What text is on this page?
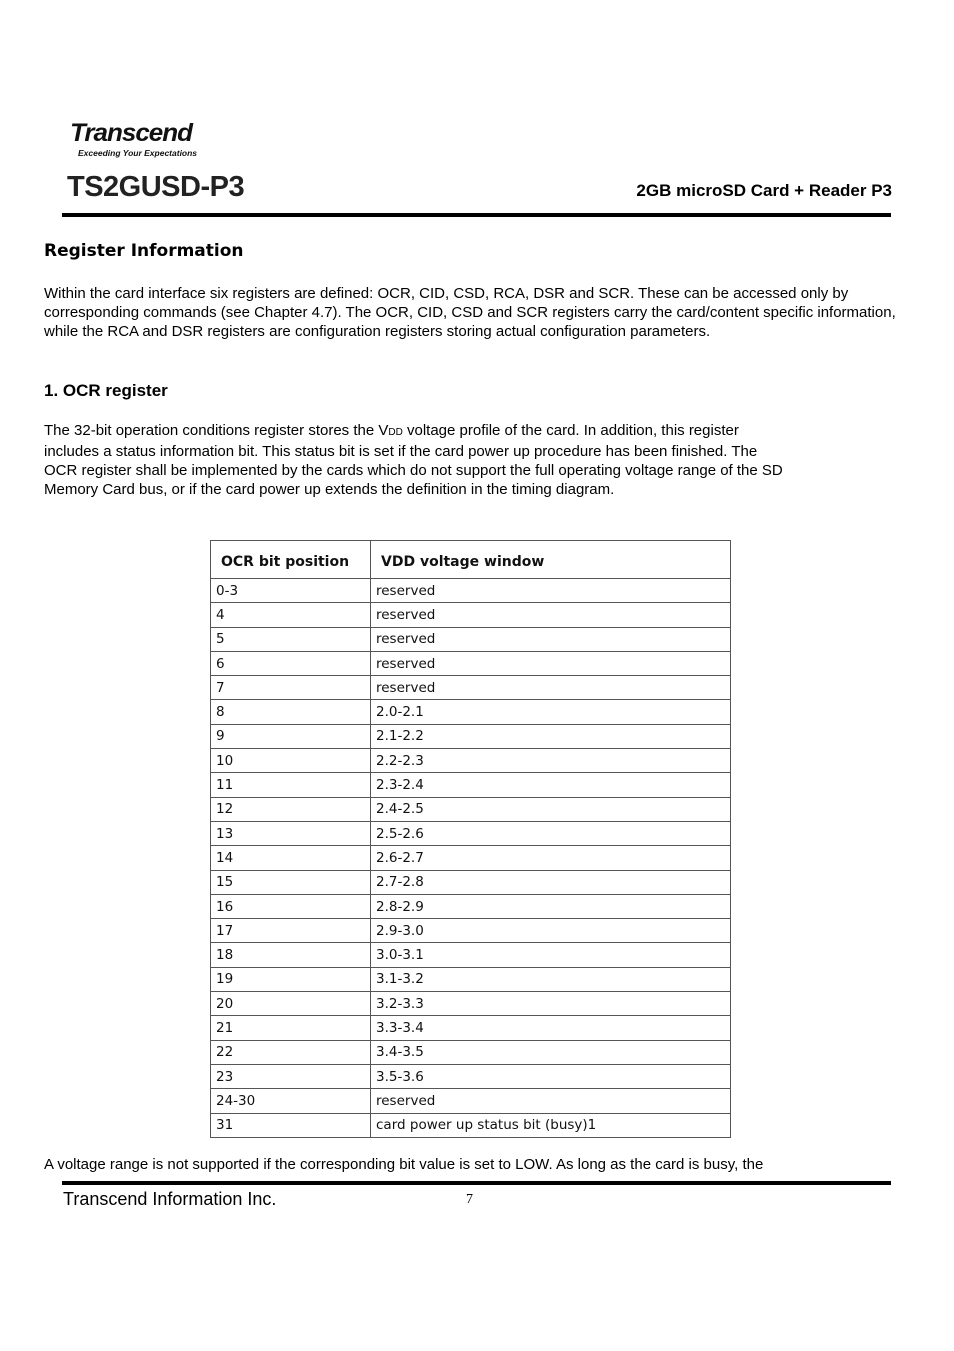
Transcend
Exceeding Your Expectations
TS2GUSD-P3	2GB microSD Card + Reader P3
Register Information
Within the card interface six registers are defined: OCR, CID, CSD, RCA, DSR and SCR. These can be accessed only by corresponding commands (see Chapter 4.7). The OCR, CID, CSD and SCR registers carry the card/content specific information, while the RCA and DSR registers are configuration registers storing actual configuration parameters.
1. OCR register
The 32-bit operation conditions register stores the VDD voltage profile of the card. In addition, this register includes a status information bit. This status bit is set if the card power up procedure has been finished. The OCR register shall be implemented by the cards which do not support the full operating voltage range of the SD Memory Card bus, or if the card power up extends the definition in the timing diagram.
OCR bit position	VDD voltage window
0-3	reserved
4	reserved
5	reserved
6	reserved
7	reserved
8	2.0-2.1
9	2.1-2.2
10	2.2-2.3
11	2.3-2.4
12	2.4-2.5
13	2.5-2.6
14	2.6-2.7
15	2.7-2.8
16	2.8-2.9
17	2.9-3.0
18	3.0-3.1
19	3.1-3.2
20	3.2-3.3
21	3.3-3.4
22	3.4-3.5
23	3.5-3.6
24-30	reserved
31	card power up status bit (busy)1
A voltage range is not supported if the corresponding bit value is set to LOW. As long as the card is busy, the
Transcend Information Inc.	7
